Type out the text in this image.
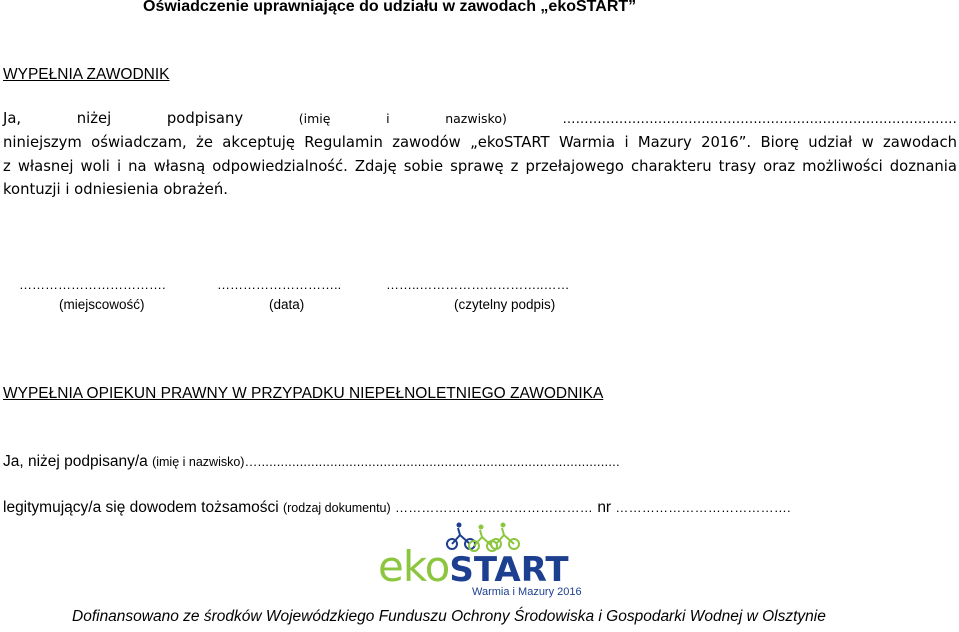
Oświadczenie uprawniające do udziału w zawodach „ekoSTART”
WYPEŁNIA ZAWODNIK
Ja,	niżej	podpisany	(imię	i	nazwisko)	…........................................................................................
niniejszym oświadczam, że akceptuję Regulamin zawodów „ekoSTART Warmia i Mazury 2016”. Biorę udział w zawodach
z własnej woli i na własną odpowiedzialność. Zdaję sobie sprawę z przełajowego charakteru trasy oraz możliwości doznania
kontuzji i odniesienia obrażeń.
…………………………….	………………………..	……..………………………..……
(miejscowość)	(data)	(czytelny podpis)
WYPEŁNIA OPIEKUN PRAWNY W PRZYPADKU NIEPEŁNOLETNIEGO ZAWODNIKA
Ja, niżej podpisany/a (imię i nazwisko)…...............................................................................................
legitymujący/a się dowodem tożsamości (rodzaj dokumentu) ……………………………………… nr ………………………………….
ekoSTART
Warmia i Mazury 2016
Dofinansowano ze środków Wojewódzkiego Funduszu Ochrony Środowiska i Gospodarki Wodnej w Olsztynie
